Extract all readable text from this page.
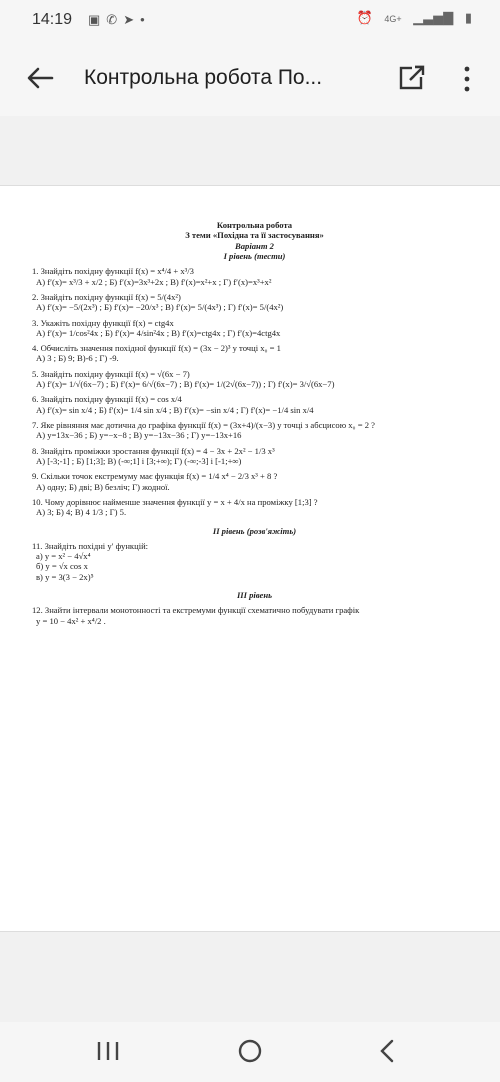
14:19 ▣✆➤•	⏰ 4G+ ▁▃▅▇ ▮
Контрольна робота По...
Контрольна робота
З теми «Похідна та її застосування»
Варіант 2
I рівень (тести)
1. Знайдіть похідну функції f(x) = x⁴/4 + x³/3
А) f′(x)= x³/3 + x/2 ; Б) f′(x)=3x³+2x ; В) f′(x)=x²+x ; Г) f′(x)=x³+x²
2. Знайдіть похідну функції f(x) = 5/(4x²)
А) f′(x)= −5/(2x³) ; Б) f′(x)= −20/x³ ; В) f′(x)= 5/(4x³) ; Г) f′(x)= 5/(4x²)
3. Укажіть похідну функції f(x) = ctg4x
А) f′(x)= 1/cos²4x ; Б) f′(x)= 4/sin²4x ; В) f′(x)=ctg4x ; Г) f′(x)=4ctg4x
4. Обчисліть значення похідної функції f(x) = (3x − 2)³ у точці x₀ = 1
А) 3 ; Б) 9; В)-6 ; Г) -9.
5. Знайдіть похідну функції f(x) = √(6x − 7)
А) f′(x)= 1/√(6x−7) ; Б) f′(x)= 6/√(6x−7) ; В) f′(x)= 1/(2√(6x−7)) ; Г) f′(x)= 3/√(6x−7)
6. Знайдіть похідну функції f(x) = cos x/4
А) f′(x)= sin x/4 ; Б) f′(x)= 1/4 sin x/4 ; В) f′(x)= −sin x/4 ; Г) f′(x)= −1/4 sin x/4
7. Яке рівняння має дотична до графіка функції f(x) = (3x+4)/(x−3) у точці з абсцисою x₀ = 2 ?
А) y=13x−36 ; Б) y=−x−8 ; В) y=−13x−36 ; Г) y=−13x+16
8. Знайдіть проміжки зростання функції f(x) = 4 − 3x + 2x² − 1/3 x³
А) [-3;-1] ; Б) [1;3]; В) (-∞;1] і [3;+∞); Г) (-∞;-3] і [-1;+∞)
9. Скільки точок екстремуму має функція f(x) = 1/4 x⁴ − 2/3 x³ + 8 ?
А) одну; Б) дві; В) безліч; Г) жодної.
10. Чому дорівнює найменше значення функції y = x + 4/x на проміжку [1;3] ?
А) 3; Б) 4; В) 4 1/3 ; Г) 5.
II рівень (розв'яжіть)
11. Знайдіть похідні y′ функцій:
а) y = x² − 4√x⁴
б) y = √x cos x
в) y = 3(3 − 2x)⁵
III рівень
12. Знайти інтервали монотонності та екстремуми функції схематично побудувати графік
y = 10 − 4x² + x⁴/2 .
